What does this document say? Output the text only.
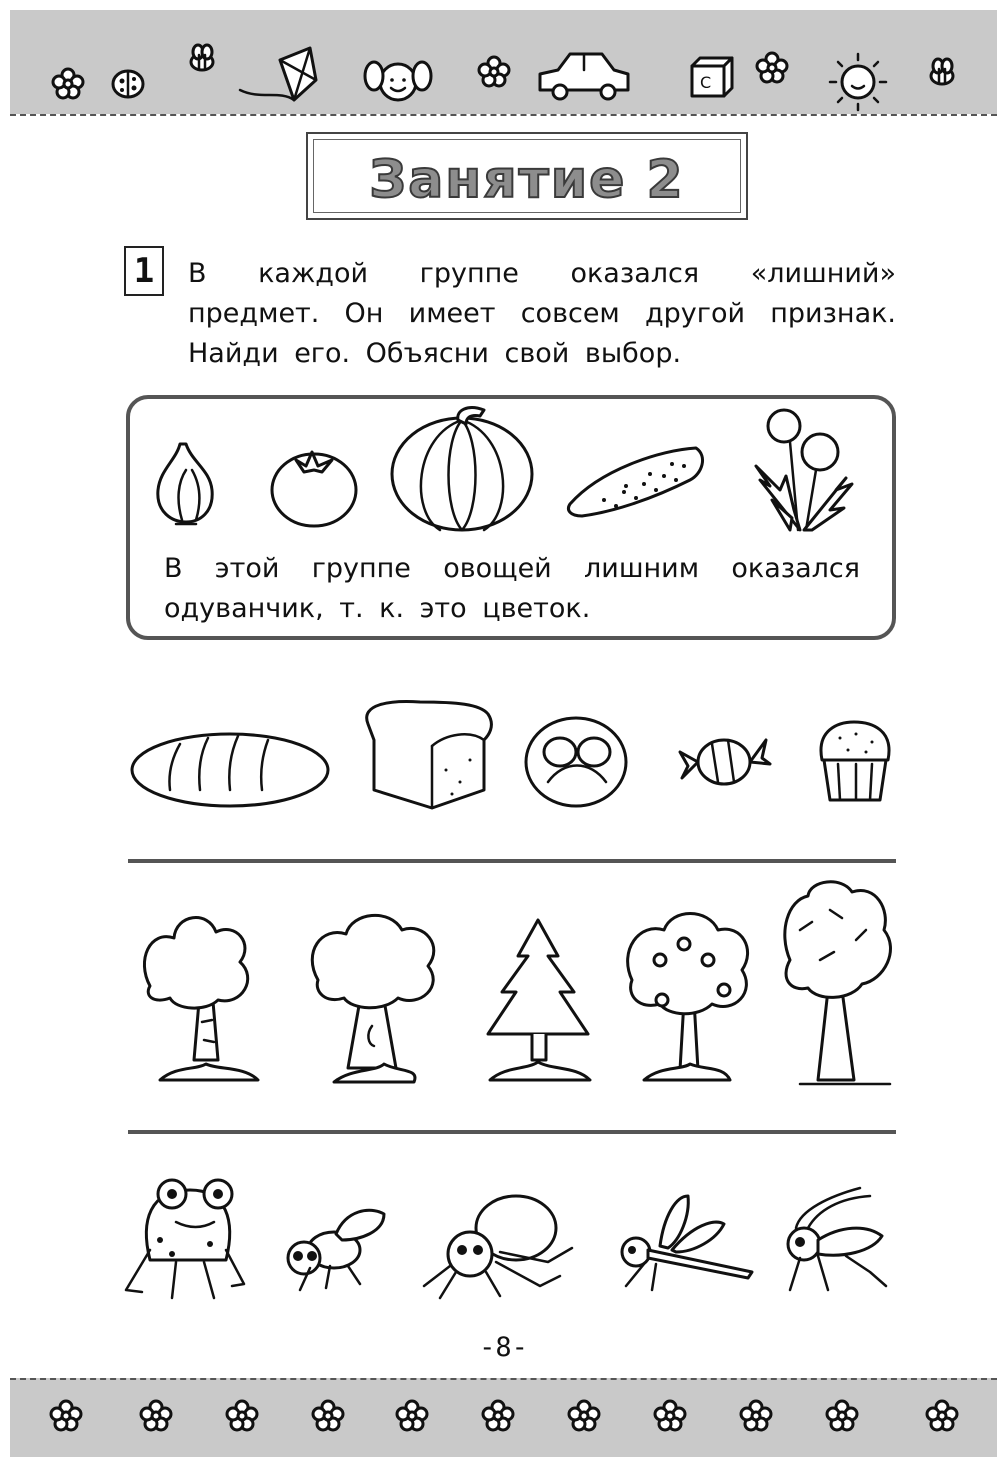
C
Занятие 2
1	В каждой группе оказался «лишний» предмет. Он имеет совсем другой признак. Найди его. Объясни свой выбор.
В этой группе овощей лишним оказался одуванчик, т. к. это цветок.
-8-
